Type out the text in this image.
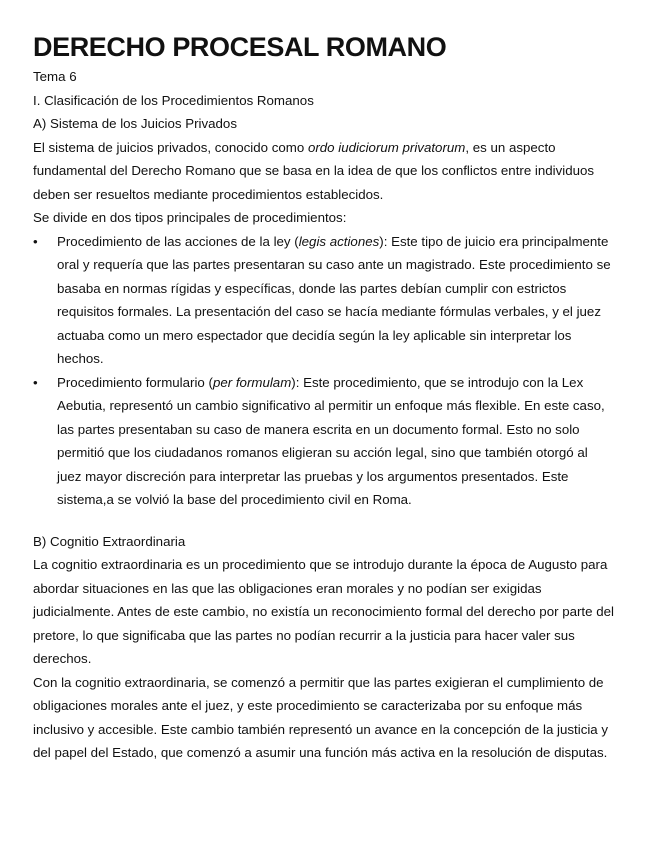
DERECHO PROCESAL ROMANO

Tema 6

I. Clasificación de los Procedimientos Romanos

A) Sistema de los Juicios Privados

El sistema de juicios privados, conocido como ordo iudiciorum privatorum, es un aspecto fundamental del Derecho Romano que se basa en la idea de que los conflictos entre individuos deben ser resueltos mediante procedimientos establecidos.

Se divide en dos tipos principales de procedimientos:

• Procedimiento de las acciones de la ley (legis actiones): Este tipo de juicio era principalmente oral y requería que las partes presentaran su caso ante un magistrado. Este procedimiento se basaba en normas rígidas y específicas, donde las partes debían cumplir con estrictos requisitos formales. La presentación del caso se hacía mediante fórmulas verbales, y el juez actuaba como un mero espectador que decidía según la ley aplicable sin interpretar los hechos.
• Procedimiento formulario (per formulam): Este procedimiento, que se introdujo con la Lex Aebutia, representó un cambio significativo al permitir un enfoque más flexible. En este caso, las partes presentaban su caso de manera escrita en un documento formal. Esto no solo permitió que los ciudadanos romanos eligieran su acción legal, sino que también otorgó al juez mayor discreción para interpretar las pruebas y los argumentos presentados. Este sistema,a se volvió la base del procedimiento civil en Roma.

B) Cognitio Extraordinaria

La cognitio extraordinaria es un procedimiento que se introdujo durante la época de Augusto para abordar situaciones en las que las obligaciones eran morales y no podían ser exigidas judicialmente. Antes de este cambio, no existía un reconocimiento formal del derecho por parte del pretore, lo que significaba que las partes no podían recurrir a la justicia para hacer valer sus derechos.

Con la cognitio extraordinaria, se comenzó a permitir que las partes exigieran el cumplimiento de obligaciones morales ante el juez, y este procedimiento se caracterizaba por su enfoque más inclusivo y accesible. Este cambio también representó un avance en la concepción de la justicia y del papel del Estado, que comenzó a asumir una función más activa en la resolución de disputas.
